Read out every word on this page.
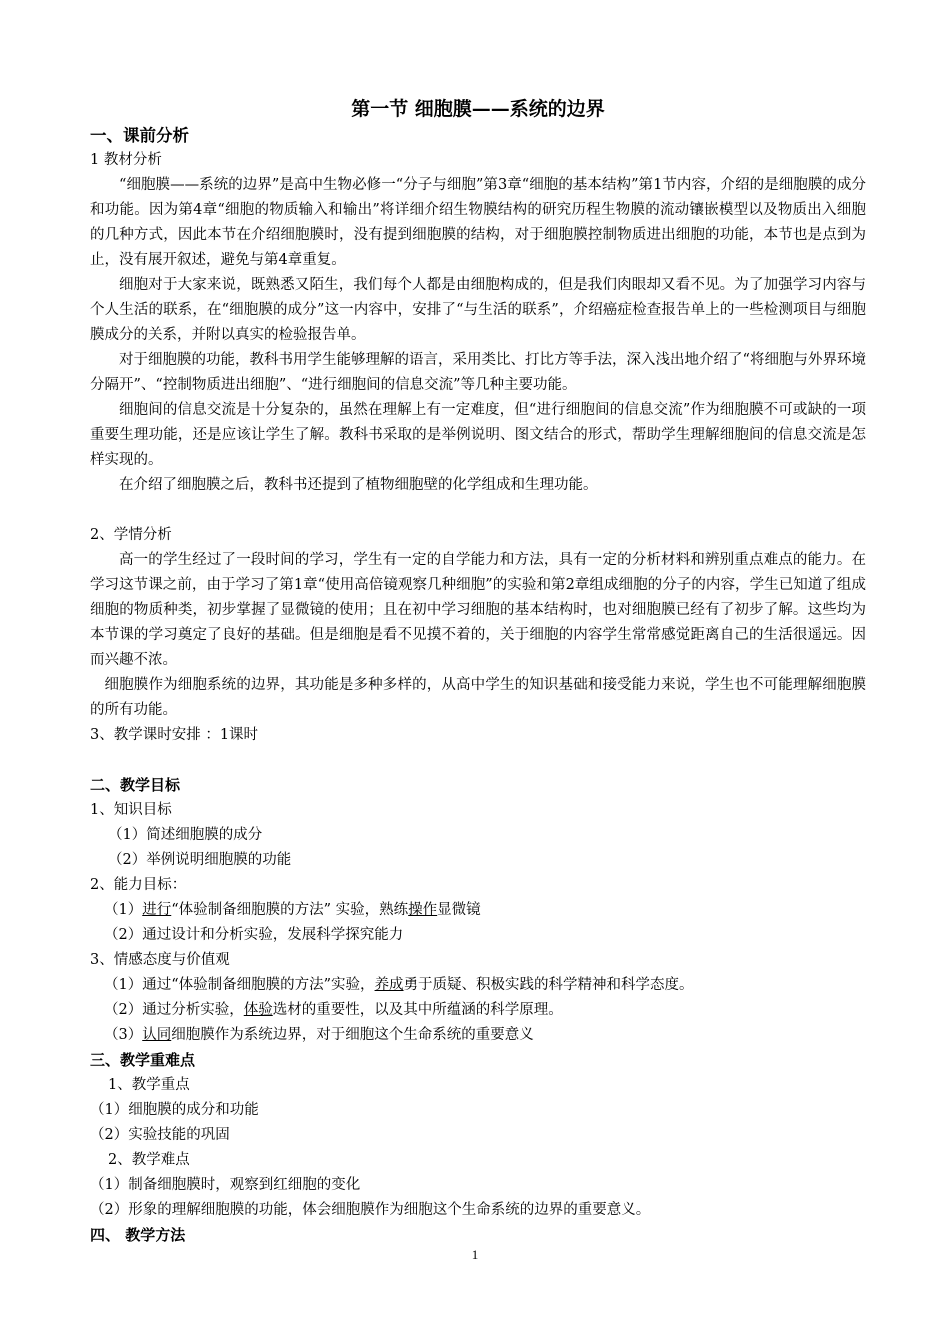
第一节 细胞膜——系统的边界
一、课前分析
1 教材分析

“细胞膜——系统的边界”是高中生物必修一“分子与细胞”第3章“细胞的基本结构”第1节内容，介绍的是细胞膜的成分和功能。因为第4章“细胞的物质输入和输出”将详细介绍生物膜结构的研究历程生物膜的流动镶嵌模型以及物质出入细胞的几种方式，因此本节在介绍细胞膜时，没有提到细胞膜的结构，对于细胞膜控制物质进出细胞的功能，本节也是点到为止，没有展开叙述，避免与第4章重复。

细胞对于大家来说，既熟悉又陌生，我们每个人都是由细胞构成的，但是我们肉眼却又看不见。为了加强学习内容与个人生活的联系，在“细胞膜的成分”这一内容中，安排了“与生活的联系”，介绍癌症检查报告单上的一些检测项目与细胞膜成分的关系，并附以真实的检验报告单。

对于细胞膜的功能，教科书用学生能够理解的语言，采用类比、打比方等手法，深入浅出地介绍了“将细胞与外界环境分隔开”、“控制物质进出细胞”、“进行细胞间的信息交流”等几种主要功能。

细胞间的信息交流是十分复杂的，虽然在理解上有一定难度，但“进行细胞间的信息交流”作为细胞膜不可或缺的一项重要生理功能，还是应该让学生了解。教科书采取的是举例说明、图文结合的形式，帮助学生理解细胞间的信息交流是怎样实现的。

在介绍了细胞膜之后，教科书还提到了植物细胞壁的化学组成和生理功能。

2、学情分析

高一的学生经过了一段时间的学习，学生有一定的自学能力和方法，具有一定的分析材料和辨别重点难点的能力。在学习这节课之前，由于学习了第1章“使用高倍镜观察几种细胞”的实验和第2章组成细胞的分子的内容，学生已知道了组成细胞的物质种类，初步掌握了显微镜的使用；且在初中学习细胞的基本结构时，也对细胞膜已经有了初步了解。这些均为本节课的学习奠定了良好的基础。但是细胞是看不见摸不着的，关于细胞的内容学生常常感觉距离自己的生活很遥远。因而兴趣不浓。

细胞膜作为细胞系统的边界，其功能是多种多样的，从高中学生的知识基础和接受能力来说，学生也不可能理解细胞膜的所有功能。

3、教学课时安排 ：1课时
二、教学目标
1、知识目标
（1）简述细胞膜的成分
（2）举例说明细胞膜的功能
2、能力目标：
（1）进行“体验制备细胞膜的方法” 实验，熟练操作显微镜
（2）通过设计和分析实验，发展科学探究能力
3、情感态度与价值观
（1）通过“体验制备细胞膜的方法”实验，养成勇于质疑、积极实践的科学精神和科学态度。
（2）通过分析实验，体验选材的重要性，以及其中所蕴涵的科学原理。
（3）认同细胞膜作为系统边界，对于细胞这个生命系统的重要意义
三、教学重难点
1、教学重点
（1）细胞膜的成分和功能
（2）实验技能的巩固
2、教学难点
（1）制备细胞膜时，观察到红细胞的变化
（2）形象的理解细胞膜的功能，体会细胞膜作为细胞这个生命系统的边界的重要意义。
四、 教学方法
1
